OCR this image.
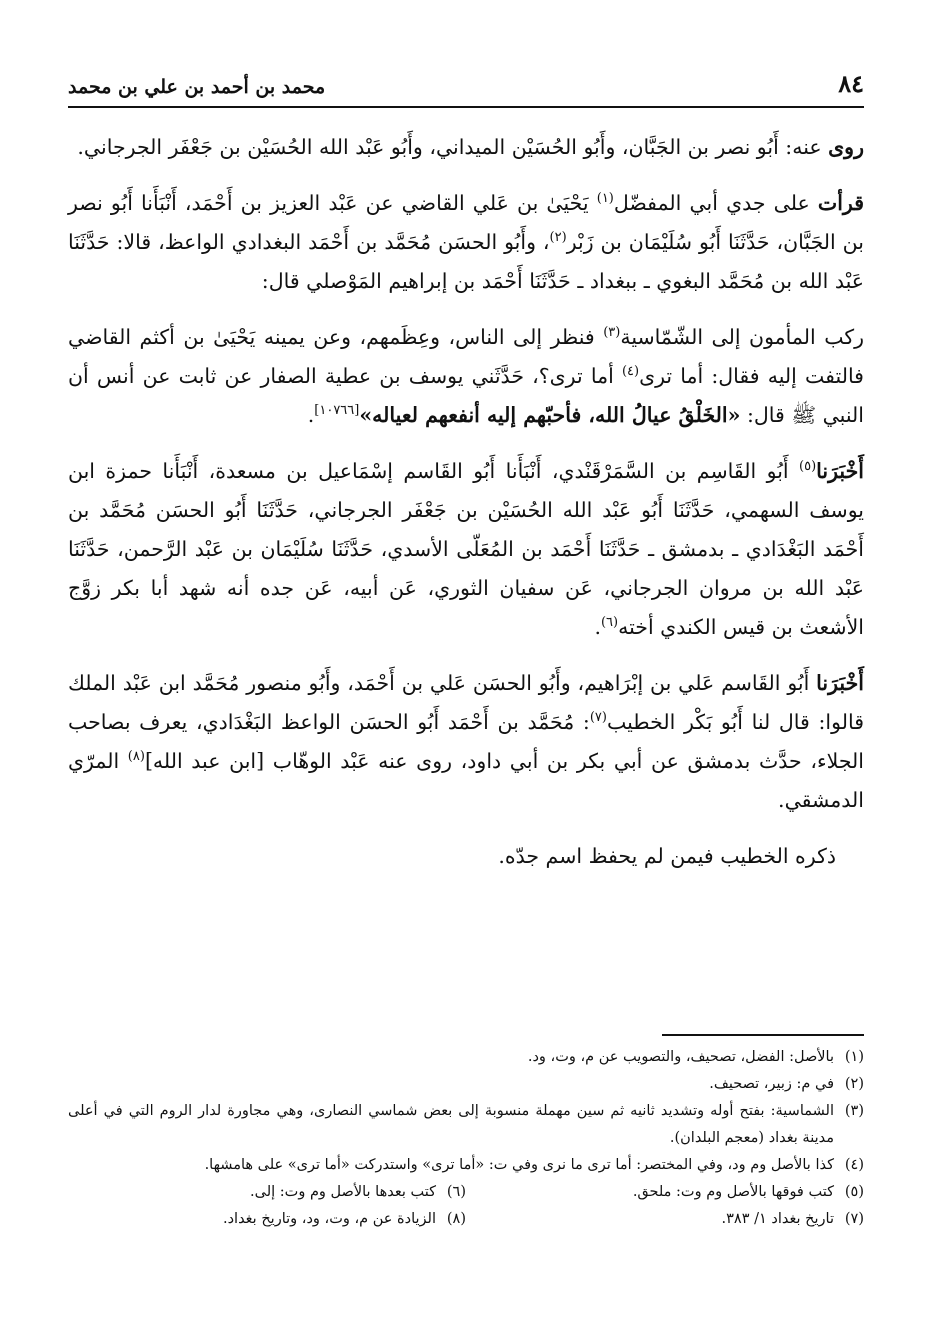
٨٤
محمد بن أحمد بن علي بن محمد

روى عنه: أَبُو نصر بن الجَبَّان، وأَبُو الحُسَيْن الميداني، وأَبُو عَبْد الله الحُسَيْن بن جَعْفَر الجرجاني.

قرأت على جدي أبي المفضّل$^{(١)}$ يَحْيَىٰ بن عَلي القاضي عن عَبْد العزيز بن أَحْمَد، أَنْبَأَنا أَبُو نصر بن الجَبَّان، حَدَّثَنَا أَبُو سُلَيْمَان بن زَبْر$^{(٢)}$، وأَبُو الحسَن مُحَمَّد بن أَحْمَد البغدادي الواعظ، قالا: حَدَّثَنَا عَبْد الله بن مُحَمَّد البغوي ـ ببغداد ـ حَدَّثَنَا أَحْمَد بن إبراهيم المَوْصلي قال:

ركب المأمون إلى الشّمّاسية$^{(٣)}$ فنظر إلى الناس، وعِظَمهم، وعن يمينه يَحْيَىٰ بن أكثم القاضي فالتفت إليه فقال: أما ترى$^{(٤)}$ أما ترى؟، حَدَّثَني يوسف بن عطية الصفار عن ثابت عن أنس أن النبي ﷺ قال: «الخَلْقُ عيالُ الله، فأحبّهم إليه أنفعهم لعياله»[١٠٧٦٦].

أَخْبَرَنا$^{(٥)}$ أَبُو القَاسِم بن السَّمَرْقَنْدي، أَنْبَأَنا أَبُو القَاسم إسْمَاعيل بن مسعدة، أَنْبَأَنا حمزة ابن يوسف السهمي، حَدَّثَنَا أَبُو عَبْد الله الحُسَيْن بن جَعْفَر الجرجاني، حَدَّثَنَا أَبُو الحسَن مُحَمَّد بن أَحْمَد البَغْدَادي ـ بدمشق ـ حَدَّثَنَا أَحْمَد بن المُعَلّى الأسدي، حَدَّثَنَا سُلَيْمَان بن عَبْد الرَّحمن، حَدَّثَنَا عَبْد الله بن مروان الجرجاني، عَن سفيان الثوري، عَن أبيه، عَن جده أنه شهد أبا بكر زوَّج الأشعث بن قيس الكندي أخته$^{(٦)}$.

أَخْبَرَنا أَبُو القَاسم عَلي بن إبْرَاهيم، وأَبُو الحسَن عَلي بن أَحْمَد، وأَبُو منصور مُحَمَّد ابن عَبْد الملك قالوا: قال لنا أَبُو بَكْر الخطيب$^{(٧)}$: مُحَمَّد بن أَحْمَد أَبُو الحسَن الواعظ البَغْدَادي، يعرف بصاحب الجلاء، حدَّث بدمشق عن أبي بكر بن أبي داود، روى عنه عَبْد الوهّاب [ابن عبد الله]$^{(٨)}$ المرّي الدمشقي.

ذكره الخطيب فيمن لم يحفظ اسم جدّه.

(١)
بالأصل: الفضل، تصحيف، والتصويب عن م، وت، ود.
(٢)
في م: زبير، تصحيف.
(٣)
الشماسية: بفتح أوله وتشديد ثانيه ثم سين مهملة منسوبة إلى بعض شماسي النصارى، وهي مجاورة لدار الروم التي في أعلى مدينة بغداد (معجم البلدان).
(٤)
كذا بالأصل وم ود، وفي المختصر: أما ترى ما نرى وفي ت: «أما ترى» واستدركت «أما ترى» على هامشها.
(٥)
كتب فوقها بالأصل وم وت: ملحق.
(٦)
كتب بعدها بالأصل وم وت: إلى.
(٧)
تاريخ بغداد ١/ ٣٨٣.
(٨)
الزيادة عن م، وت، ود، وتاريخ بغداد.
